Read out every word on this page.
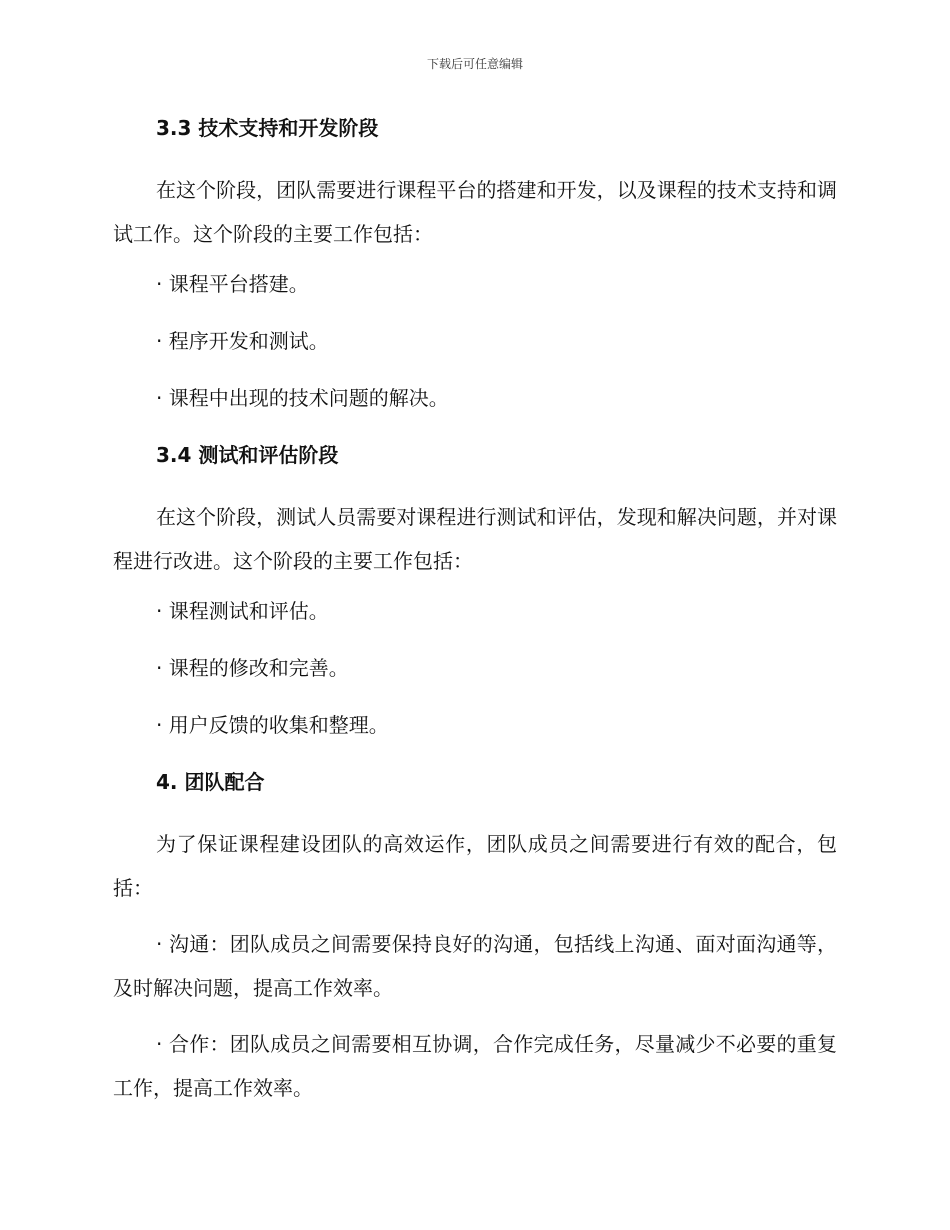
下载后可任意编辑
3.3 技术支持和开发阶段
在这个阶段，团队需要进行课程平台的搭建和开发，以及课程的技术支持和调试工作。这个阶段的主要工作包括：
· 课程平台搭建。
· 程序开发和测试。
· 课程中出现的技术问题的解决。
3.4 测试和评估阶段
在这个阶段，测试人员需要对课程进行测试和评估，发现和解决问题，并对课程进行改进。这个阶段的主要工作包括：
· 课程测试和评估。
· 课程的修改和完善。
· 用户反馈的收集和整理。
4. 团队配合
为了保证课程建设团队的高效运作，团队成员之间需要进行有效的配合，包括：
· 沟通：团队成员之间需要保持良好的沟通，包括线上沟通、面对面沟通等，及时解决问题，提高工作效率。
· 合作：团队成员之间需要相互协调，合作完成任务，尽量减少不必要的重复工作，提高工作效率。
